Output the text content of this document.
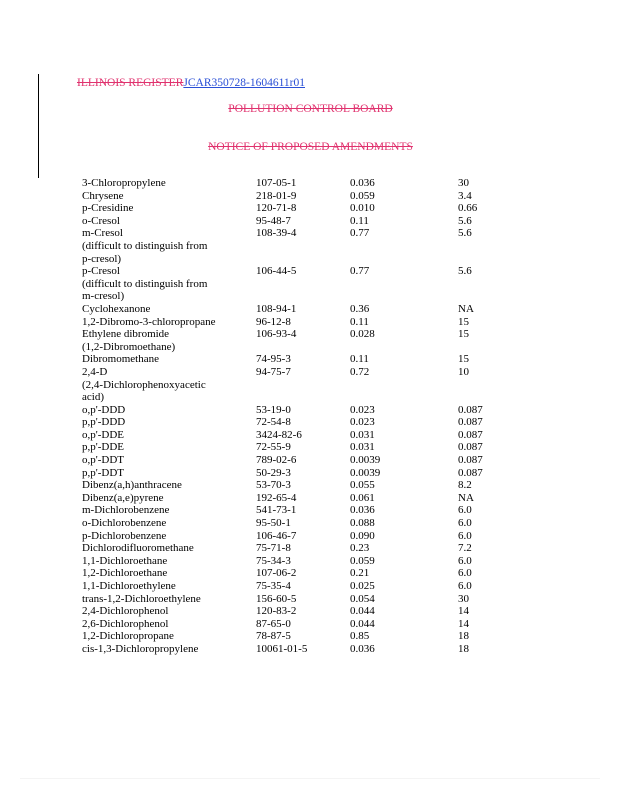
ILLINOIS REGISTERJCAR350728-1604611r01
POLLUTION CONTROL BOARD
NOTICE OF PROPOSED AMENDMENTS
3-Chloropropylene	107-05-1	0.036	30
Chrysene	218-01-9	0.059	3.4
p-Cresidine	120-71-8	0.010	0.66
o-Cresol	95-48-7	0.11	5.6
m-Cresol	108-39-4	0.77	5.6
(difficult to distinguish from			
p-cresol)			
p-Cresol	106-44-5	0.77	5.6
(difficult to distinguish from			
m-cresol)			
Cyclohexanone	108-94-1	0.36	NA
1,2-Dibromo-3-chloropropane	96-12-8	0.11	15
Ethylene dibromide	106-93-4	0.028	15
(1,2-Dibromoethane)			
Dibromomethane	74-95-3	0.11	15
2,4-D	94-75-7	0.72	10
(2,4-Dichlorophenoxyacetic			
acid)			
o,p'-DDD	53-19-0	0.023	0.087
p,p'-DDD	72-54-8	0.023	0.087
o,p'-DDE	3424-82-6	0.031	0.087
p,p'-DDE	72-55-9	0.031	0.087
o,p'-DDT	789-02-6	0.0039	0.087
p,p'-DDT	50-29-3	0.0039	0.087
Dibenz(a,h)anthracene	53-70-3	0.055	8.2
Dibenz(a,e)pyrene	192-65-4	0.061	NA
m-Dichlorobenzene	541-73-1	0.036	6.0
o-Dichlorobenzene	95-50-1	0.088	6.0
p-Dichlorobenzene	106-46-7	0.090	6.0
Dichlorodifluoromethane	75-71-8	0.23	7.2
1,1-Dichloroethane	75-34-3	0.059	6.0
1,2-Dichloroethane	107-06-2	0.21	6.0
1,1-Dichloroethylene	75-35-4	0.025	6.0
trans-1,2-Dichloroethylene	156-60-5	0.054	30
2,4-Dichlorophenol	120-83-2	0.044	14
2,6-Dichlorophenol	87-65-0	0.044	14
1,2-Dichloropropane	78-87-5	0.85	18
cis-1,3-Dichloropropylene	10061-01-5	0.036	18
